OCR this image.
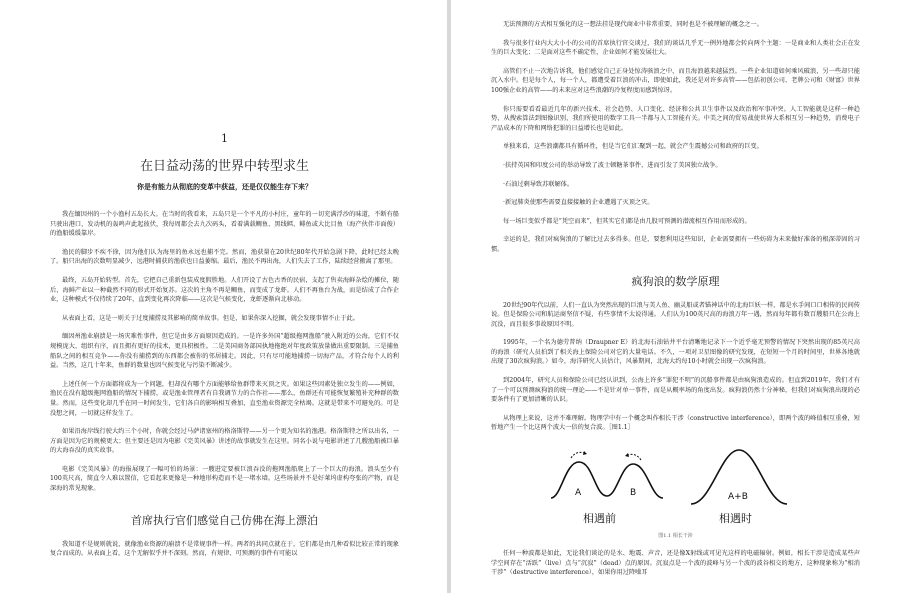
1
在日益动荡的世界中转型求生
你是有能力从彻底的变革中获益，还是仅仅能生存下来？

我在缅因州的一个小渔村五岛长大。在当时的我看来，五岛只是一个平凡的小村庄，童年的一切充满浮沙的味道，不断有船只驶出港口，发动机的轰鸣声此起彼伏，我每周都会去九次码头，看着满载鲷鱼、黑线鳕、鲱鱼或大比目鱼（海产伙伴市面俊）的渔船缓缓靠岸。

渔民的脚步不疾不徐，因为他们认为海里的鱼永远也捕不完。然而，渔获量在20世纪80年代开始急剧下降，此时已经太晚了。船只出海的次数明显减少，远港时捕获的渔获也日益萎缩。最后，渔民不再出海，人们失去了工作，陆续经营搬离了那里。

最终，五岛开始转型。首先，它把自己重新包装成度假胜地。人们开设了古色古香的民宿，支起了售卖海鲜杂烩的摊位，随后，海鲜产业以一种截然不同的形式开始复苏。这次的主角不再是鲷鱼，而变成了龙虾。人们不再鱼台为战，而是结成了合作企业，这种模式不仅持续了20年，直到变化再次降临——这次是气候变化，龙虾逐渐向北移动。

从表面上看，这是一则关于过度捕捞及其影响的简单故事。但是，如果你深入挖掘，就会发现事情不止于此。

缅因州渔业崩溃是一场灾难性事件，但它是由多方面原因造成的。一是许多外国“超级拖网渔船”驶入附近的公海，它们不仅规模庞大、组织有序，而且拥有更好的技术，更具积极性。二是美国商务部国执地拖绝对年度政策放量做出重要限制。三是捕鱼船队之间的相互竞争——你没有捕捞到的东西都会被你的邻居捕走。因此，只有尽可能地捕捞一切海产品，才符合每个人的利益。当然，这几十年来，鱼群的数量也因气候变化与污染不断减少。

上述任何一个方面都将成为一个问题，但却没有哪个方面能够给鱼群带来灭顶之灾。如果这些因素处独立发生的——例如，渔民在没有超级拖网渔船的情况下捕捞，或是渔业管理者有自我调节力的合作社——那么，鱼群还有可能恢复繁殖补充种群的数量。然而，这些变化却几乎在同一时间发生，它们各自的影响相互叠加，直至渔业资源完全枯竭。这就是带来不可避免的。可是没想之间，一切就这样发生了。

如果沿海岸线行驶大约三个小时，你就会经过马萨诸塞州的格洛斯特——另一个更为知名的渔港。格洛斯特之所以出名，一方面是因为它的规模更大；但主要还是因为电影《完美风暴》讲述的故事就发生在这里。同名小说与电影讲述了几艘渔船被巨暴的大海吞没的真实故事。

电影《完美风暴》的海报展现了一幅可怕的场景：一艘进定要被巨浪吞没的拖网渔船爬上了一个巨大的海浪。浪头至少有100英尺高，简直令人难以置信，它看起来更像是一种地形构造而不是一堵水墙。这些场景并不是好莱坞虚构夸张的产物，而是深海的常见现象。

首席执行官们感觉自己仿佛在海上漂泊

我知道不是规则就说，就像渔业资源的崩溃不是常规事件一样。两者的共同点就在于，它们都是由几种看似比较正常的现象复合而成的。从表面上看，这个无解似乎并不深刻。然而，有规律、可预测的事件有可能以

无法预测的方式相互强化的这一想法挂是现代商业中非常重要，同时也是不被理解的概念之一。

我与很多行业内大大小小的公司的首席执行官交谈过，我们的谈话几乎无一例外地都会转向两个主题：一是商业和人类社会正在发生的巨大变化；二是面对这些不确定性，企业如何才能发展壮大。

高管们不止一次地告诉我，他们感觉自己正身处惊涛骇浪之中，而且海浪越来越猛烈。一些企业知道如何乘风破浪，另一些却只能沉入水中。但是每个人，每一个人，都遭受着巨浪的冲击，即使如此，我还是对许多高管——包括初创公司、老牌公司和《财富》世界100强企业的高管——的未来应对这些浪潮的冷复程度而感到惊讶。

你只需要看看最近几年的新兴技术、社会趋势、人口变化、经济和公共卫生事件以及政治和军事冲突。人工智能就是这样一种趋势，从搜索算法到图像识别，我们所使用的数字工具一半都与人工智能有关。中美之间的贸易战使世界大系相互另一种趋势，消费电子产品成本的下降和网络犯罪的日益增长也是如此。

单独来看，这些浪潮都具有循环性，但是当它们汇聚到一起，就会产生震撼公司和政府的巨变。

·扶持英国和印度公司的举动导致了波士顿糖茶事件，进而引发了美国独立战争。

·石油过剩导致苏联解体。

·新冠肺炎使那些需要直接接触的企业遭遇了灭顶之灾。

每一场巨变似乎都是“凭空而来”，但其实它们都是由几股可预测的潜流相互作用而形成的。

幸运的是，我们对疯狗浪的了解比过去多得多。但是，要想利用这些知识，企业需要拥有一些妨碍为未来做好准备的根深蒂固的习惯。

疯狗浪的数学原理

20世纪90年代以前，人们一直认为突然出现的巨浪与美人鱼、幽灵船或者锚神话中的北海巨妖一样，都是水手间口口相传的民间传说。但是保险公司和航运商坚信不疑，有些事情不太说得通。人们认为100英尺高的海浪万年一遇，然而每年都有数百艘船只在公海上沉没，而且很多事故原因不明。

1995年，一个名为德劳普纳（Draupner E）的北海石油钻井平台清晰地记录下一个近乎毫无预警的情况下突然出现的85英尺高的海浪（研究人员拍到了相关海上保险公司对它的大量电话。不久，一项对卫星图像的研究发现，在短短一个月的时间里，世界各地就出现了30次疯狗浪。）如今，海洋研究人员估计，风暴期间，北海大约每10小时就会出现一次疯狗浪。

到2004年，研究人员和保险公司已经认识到，公海上许多“罪犯不明”的沉船事件都是由疯狗浪造成的。但直到2019年，我们才有了一个可以预测疯狗浪的统一理论——不是针对单一事件，而是从概率场的角度出发。疯狗浪仍然十分神秘，但我们对疯狗浪出现的必要条件有了更加清晰的认识。

从物理上来说，这并不难理解。物理学中有一个概念叫作相长干涉（constructive interference），即两个波的峰值相互重叠，短暂地产生一个比这两个波大一倍的复合波。［图1.1］

A	B	A+B
相遇前	相遇时
图1.1 相长干涉

任何一种波都是如此，无论我们谈论的是水、地震、声音，还是像X射线或可见光这样的电磁辐射。例如，相长干涉是造成某些声学空间存在“活跃”（live）点与“沉寂”（dead）点的原因。沉寂点是一个波的波峰与另一个波的波谷相交的地方，这种现象称为“相消干涉”（destructive interference），如果你用过降噪耳
